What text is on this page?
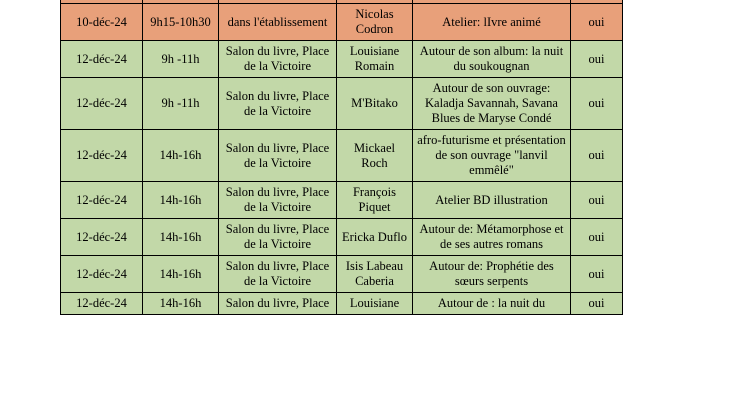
10-déc-24	9h15-10h30	dans l'établissement	Nicolas Codron	Atelier: lIvre animé	oui
12-déc-24	9h -11h	Salon du livre, Place de la Victoire	Louisiane Romain	Autour de son album: la nuit du soukougnan	oui
12-déc-24	9h -11h	Salon du livre, Place de la Victoire	M'Bitako	Autour de son ouvrage: Kaladja Savannah, Savana Blues de Maryse Condé	oui
12-déc-24	14h-16h	Salon du livre, Place de la Victoire	Mickael Roch	afro-futurisme et présentation de son ouvrage "lanvil emmêlé"	oui
12-déc-24	14h-16h	Salon du livre, Place de la Victoire	François Piquet	Atelier BD illustration	oui
12-déc-24	14h-16h	Salon du livre, Place de la Victoire	Ericka Duflo	Autour de: Métamorphose et de ses autres romans	oui
12-déc-24	14h-16h	Salon du livre, Place de la Victoire	Isis Labeau Caberia	Autour de: Prophétie des sœurs serpents	oui
12-déc-24	14h-16h	Salon du livre, Place	Louisiane	Autour de : la nuit du	oui
